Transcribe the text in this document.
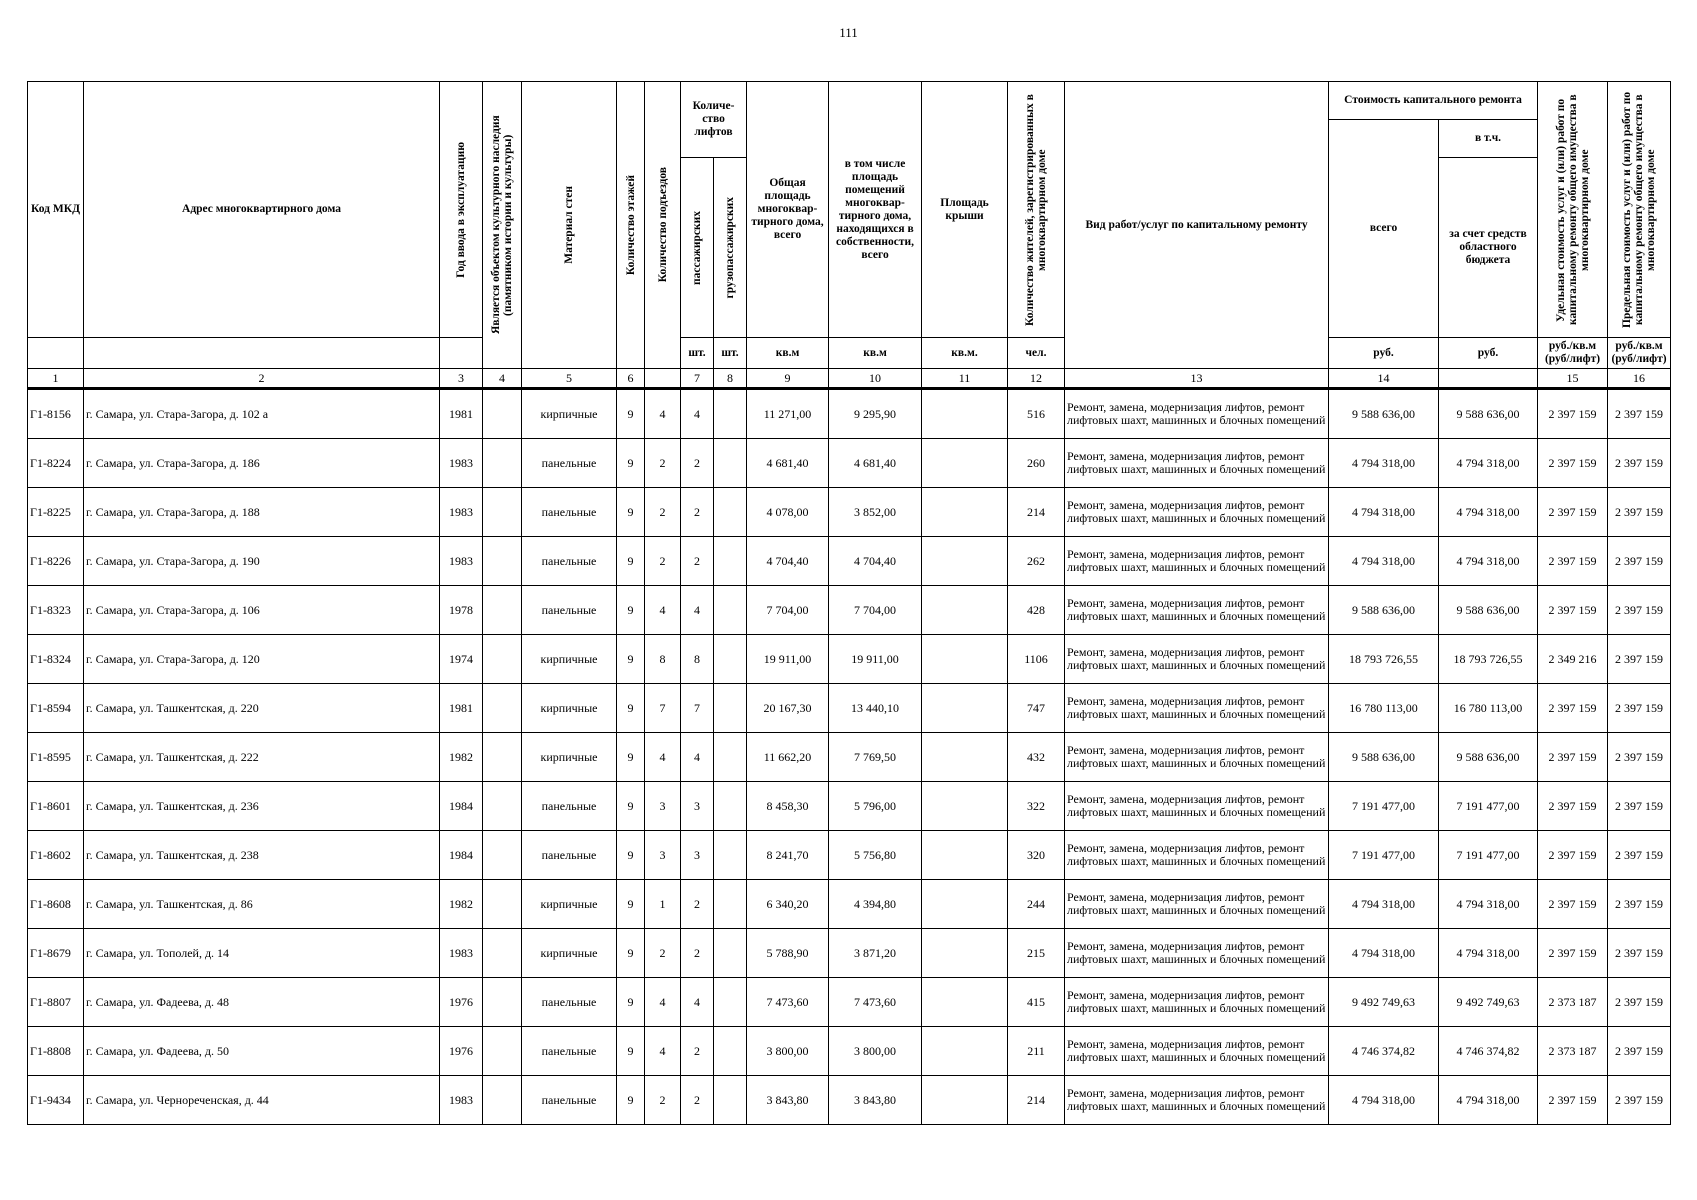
111
Код МКД	Адрес многоквартирного дома	Год ввода в эксплуатацию	Является объектом культурного наследия (памятником истории и культуры)	Материал стен	Количество этажей	Количество подъездов	Количе-ство лифтов		Общая площадь многоквар-тирного дома, всего	в том числе площадь помещений многоквар-тирного дома, находящихся в собственности, всего	Площадь крыши	Количество жителей, зарегистрированных в многоквартирном доме	Вид работ/услуг по капитальному ремонту	Стоимость капитального ремонта		Удельная стоимость услуг и (или) работ по капитальному ремонту общего имущества в многоквартирном доме	Предельная стоимость услуг и (или) работ по капитальному ремонту общего имущества в многоквартирном доме

														всего	в т.ч.		

							пассажирских	грузопассажирских							за счет средств областного бюджета		
							шт.	шт.	кв.м	кв.м	кв.м.	чел.		руб.	руб.	руб./кв.м (руб/лифт)	руб./кв.м (руб/лифт)
1	2	3	4	5	6		7	8	9	10	11	12	13	14		15	16
Г1-8156	г. Самара, ул. Стара-Загора, д. 102 а	1981		кирпичные	9	4	4		11 271,00	9 295,90		516	Ремонт, замена, модернизация лифтов, ремонт лифтовых шахт, машинных и блочных помещений	9 588 636,00	9 588 636,00	2 397 159	2 397 159
Г1-8224	г. Самара, ул. Стара-Загора, д. 186	1983		панельные	9	2	2		4 681,40	4 681,40		260	Ремонт, замена, модернизация лифтов, ремонт лифтовых шахт, машинных и блочных помещений	4 794 318,00	4 794 318,00	2 397 159	2 397 159
Г1-8225	г. Самара, ул. Стара-Загора, д. 188	1983		панельные	9	2	2		4 078,00	3 852,00		214	Ремонт, замена, модернизация лифтов, ремонт лифтовых шахт, машинных и блочных помещений	4 794 318,00	4 794 318,00	2 397 159	2 397 159
Г1-8226	г. Самара, ул. Стара-Загора, д. 190	1983		панельные	9	2	2		4 704,40	4 704,40		262	Ремонт, замена, модернизация лифтов, ремонт лифтовых шахт, машинных и блочных помещений	4 794 318,00	4 794 318,00	2 397 159	2 397 159
Г1-8323	г. Самара, ул. Стара-Загора, д. 106	1978		панельные	9	4	4		7 704,00	7 704,00		428	Ремонт, замена, модернизация лифтов, ремонт лифтовых шахт, машинных и блочных помещений	9 588 636,00	9 588 636,00	2 397 159	2 397 159
Г1-8324	г. Самара, ул. Стара-Загора, д. 120	1974		кирпичные	9	8	8		19 911,00	19 911,00		1106	Ремонт, замена, модернизация лифтов, ремонт лифтовых шахт, машинных и блочных помещений	18 793 726,55	18 793 726,55	2 349 216	2 397 159
Г1-8594	г. Самара, ул. Ташкентская, д. 220	1981		кирпичные	9	7	7		20 167,30	13 440,10		747	Ремонт, замена, модернизация лифтов, ремонт лифтовых шахт, машинных и блочных помещений	16 780 113,00	16 780 113,00	2 397 159	2 397 159
Г1-8595	г. Самара, ул. Ташкентская, д. 222	1982		кирпичные	9	4	4		11 662,20	7 769,50		432	Ремонт, замена, модернизация лифтов, ремонт лифтовых шахт, машинных и блочных помещений	9 588 636,00	9 588 636,00	2 397 159	2 397 159
Г1-8601	г. Самара, ул. Ташкентская, д. 236	1984		панельные	9	3	3		8 458,30	5 796,00		322	Ремонт, замена, модернизация лифтов, ремонт лифтовых шахт, машинных и блочных помещений	7 191 477,00	7 191 477,00	2 397 159	2 397 159
Г1-8602	г. Самара, ул. Ташкентская, д. 238	1984		панельные	9	3	3		8 241,70	5 756,80		320	Ремонт, замена, модернизация лифтов, ремонт лифтовых шахт, машинных и блочных помещений	7 191 477,00	7 191 477,00	2 397 159	2 397 159
Г1-8608	г. Самара, ул. Ташкентская, д. 86	1982		кирпичные	9	1	2		6 340,20	4 394,80		244	Ремонт, замена, модернизация лифтов, ремонт лифтовых шахт, машинных и блочных помещений	4 794 318,00	4 794 318,00	2 397 159	2 397 159
Г1-8679	г. Самара, ул. Тополей, д. 14	1983		кирпичные	9	2	2		5 788,90	3 871,20		215	Ремонт, замена, модернизация лифтов, ремонт лифтовых шахт, машинных и блочных помещений	4 794 318,00	4 794 318,00	2 397 159	2 397 159
Г1-8807	г. Самара, ул. Фадеева, д. 48	1976		панельные	9	4	4		7 473,60	7 473,60		415	Ремонт, замена, модернизация лифтов, ремонт лифтовых шахт, машинных и блочных помещений	9 492 749,63	9 492 749,63	2 373 187	2 397 159
Г1-8808	г. Самара, ул. Фадеева, д. 50	1976		панельные	9	4	2		3 800,00	3 800,00		211	Ремонт, замена, модернизация лифтов, ремонт лифтовых шахт, машинных и блочных помещений	4 746 374,82	4 746 374,82	2 373 187	2 397 159
Г1-9434	г. Самара, ул. Чернореченская, д. 44	1983		панельные	9	2	2		3 843,80	3 843,80		214	Ремонт, замена, модернизация лифтов, ремонт лифтовых шахт, машинных и блочных помещений	4 794 318,00	4 794 318,00	2 397 159	2 397 159
